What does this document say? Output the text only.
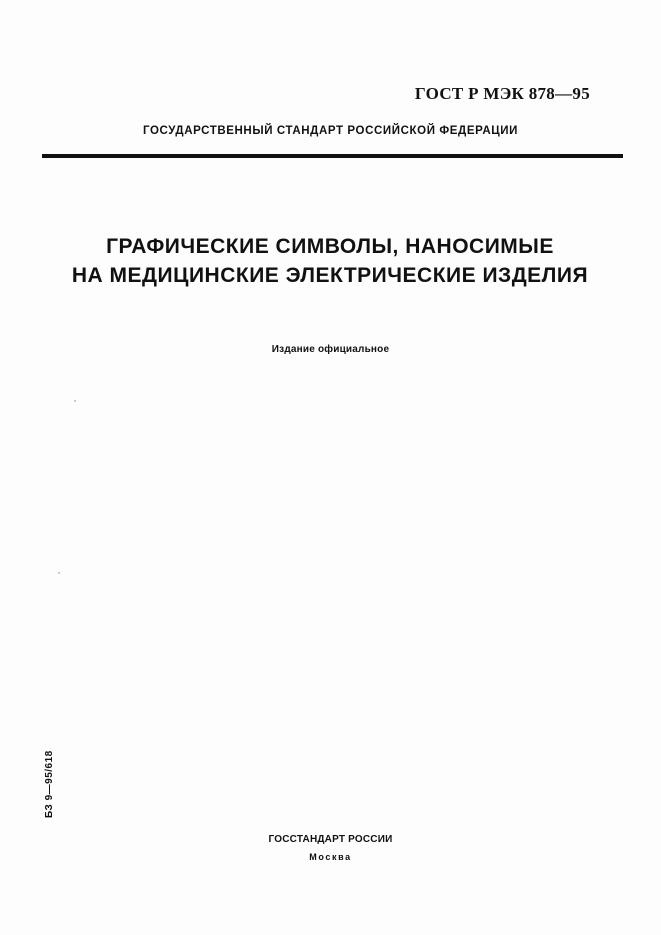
ГОСТ Р МЭК 878—95
ГОСУДАРСТВЕННЫЙ СТАНДАРТ РОССИЙСКОЙ ФЕДЕРАЦИИ
ГРАФИЧЕСКИЕ СИМВОЛЫ, НАНОСИМЫЕ
НА МЕДИЦИНСКИЕ ЭЛЕКТРИЧЕСКИЕ ИЗДЕЛИЯ
Издание официальное
БЗ 9—95/618
ГОССТАНДАРТ РОССИИ
Москва
